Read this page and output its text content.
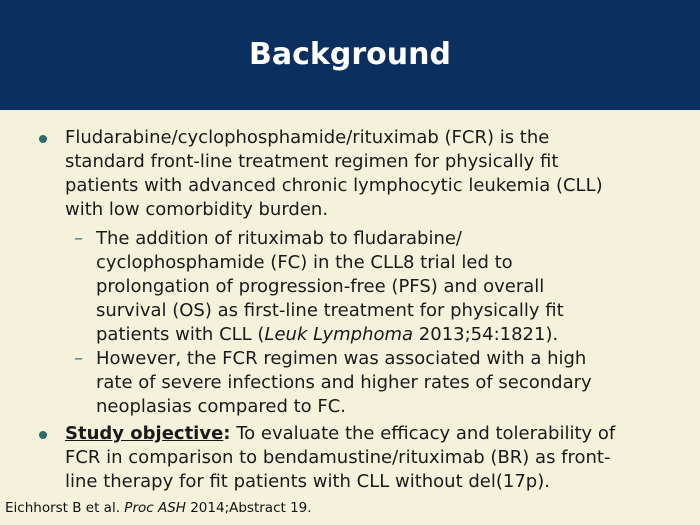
Background
Fludarabine/cyclophosphamide/rituximab (FCR) is the
standard front-line treatment regimen for physically fit
patients with advanced chronic lymphocytic leukemia (CLL)
with low comorbidity burden.
– The addition of rituximab to fludarabine/
cyclophosphamide (FC) in the CLL8 trial led to
prolongation of progression-free (PFS) and overall
survival (OS) as first-line treatment for physically fit
patients with CLL (Leuk Lymphoma 2013;54:1821).
– However, the FCR regimen was associated with a high
rate of severe infections and higher rates of secondary
neoplasias compared to FC.
Study objective: To evaluate the efficacy and tolerability of
FCR in comparison to bendamustine/rituximab (BR) as front-
line therapy for fit patients with CLL without del(17p).
Eichhorst B et al. Proc ASH 2014;Abstract 19.
